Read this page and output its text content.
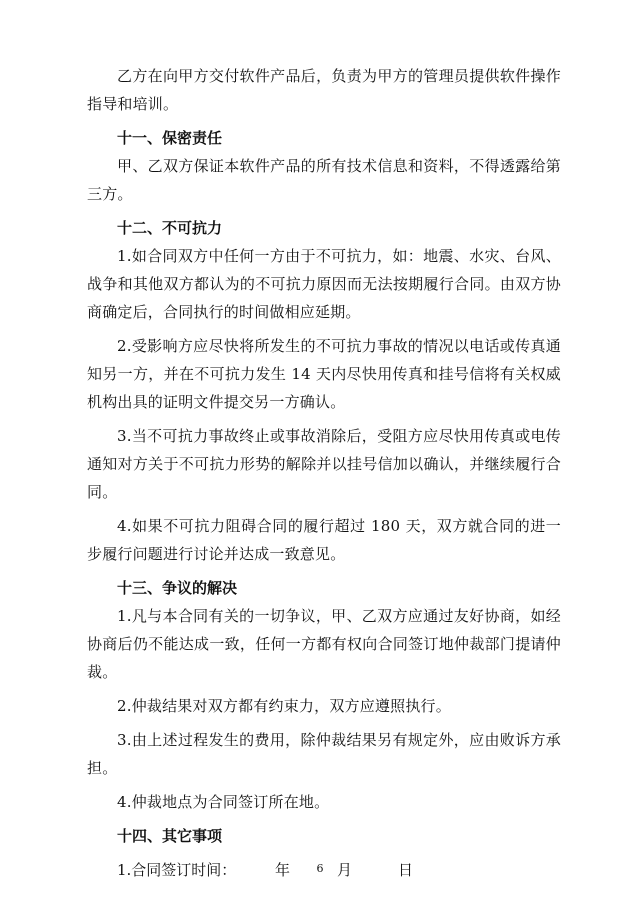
乙方在向甲方交付软件产品后，负责为甲方的管理员提供软件操作指导和培训。

十一、保密责任

甲、乙双方保证本软件产品的所有技术信息和资料，不得透露给第三方。

十二、不可抗力

1.如合同双方中任何一方由于不可抗力，如：地震、水灾、台风、战争和其他双方都认为的不可抗力原因而无法按期履行合同。由双方协商确定后，合同执行的时间做相应延期。

2.受影响方应尽快将所发生的不可抗力事故的情况以电话或传真通知另一方，并在不可抗力发生 14 天内尽快用传真和挂号信将有关权威机构出具的证明文件提交另一方确认。

3.当不可抗力事故终止或事故消除后，受阻方应尽快用传真或电传通知对方关于不可抗力形势的解除并以挂号信加以确认，并继续履行合同。

4.如果不可抗力阻碍合同的履行超过 180 天，双方就合同的进一步履行问题进行讨论并达成一致意见。

十三、争议的解决

1.凡与本合同有关的一切争议，甲、乙双方应通过友好协商，如经协商后仍不能达成一致，任何一方都有权向合同签订地仲裁部门提请仲裁。

2.仲裁结果对双方都有约束力，双方应遵照执行。

3.由上述过程发生的费用，除仲裁结果另有规定外，应由败诉方承担。

4.仲裁地点为合同签订所在地。

十四、其它事项

1.合同签订时间：	年	月	日
6
